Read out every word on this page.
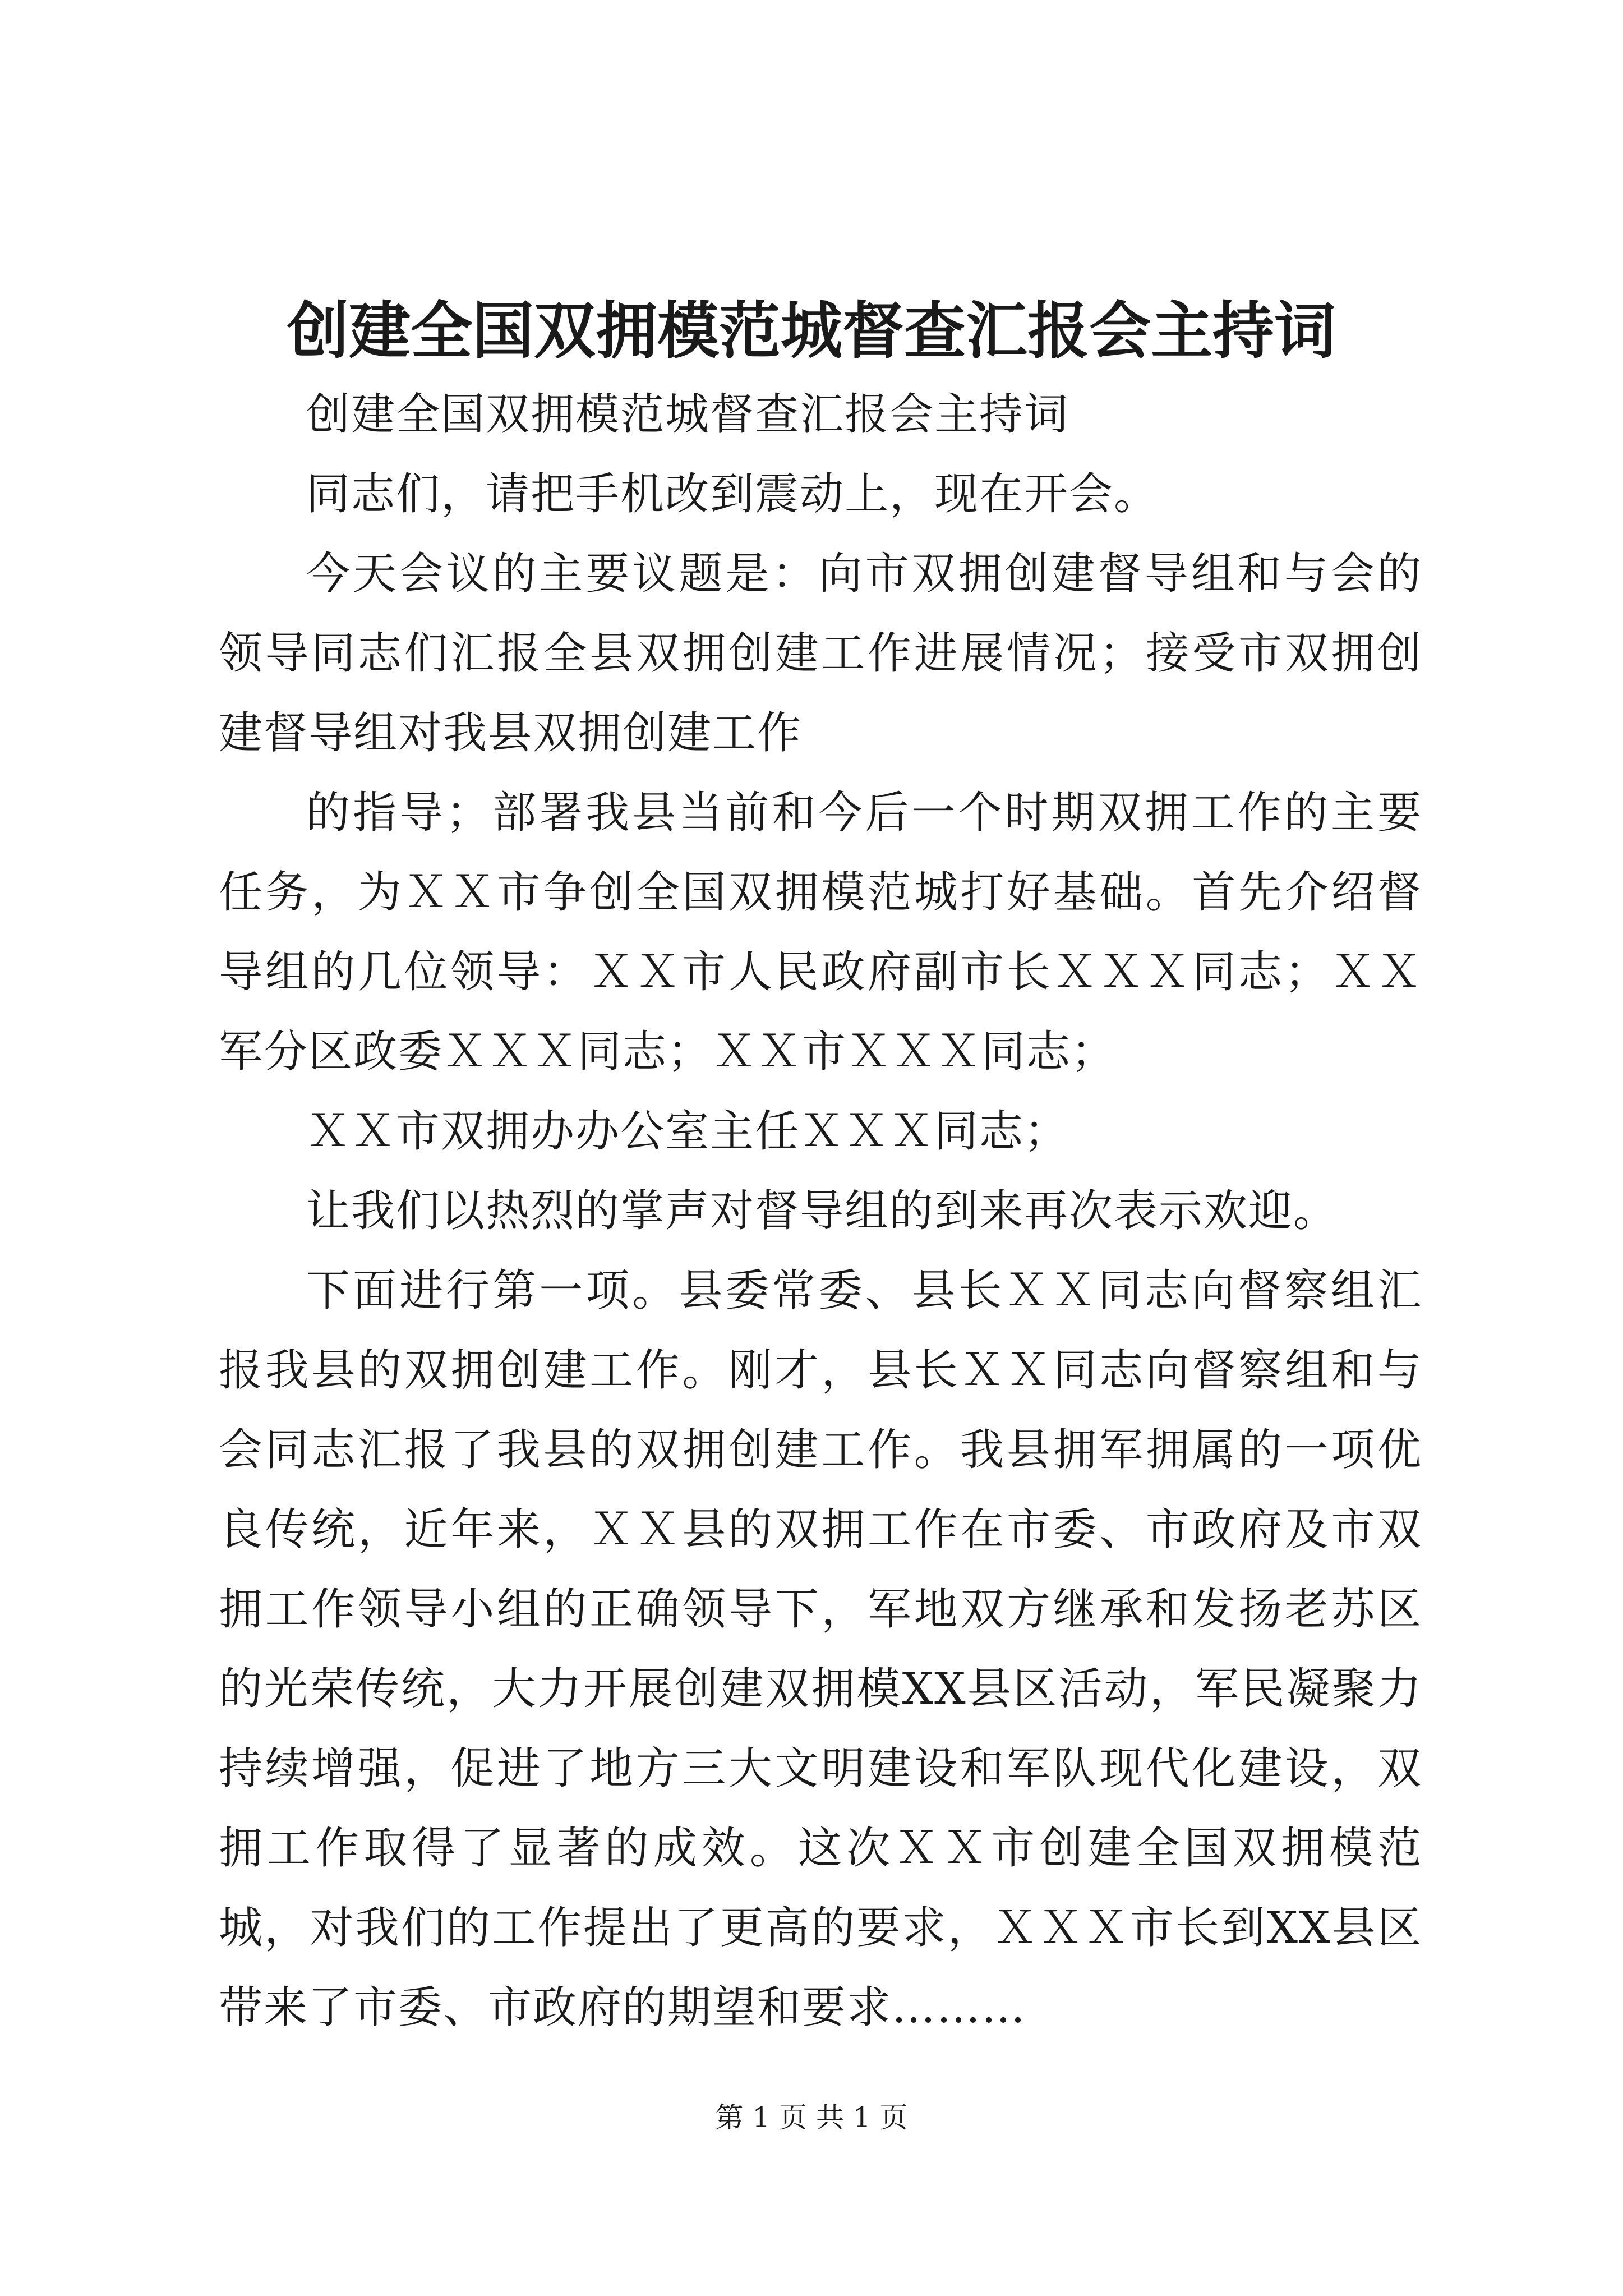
创建全国双拥模范城督查汇报会主持词

创建全国双拥模范城督查汇报会主持词

同志们，请把手机改到震动上，现在开会。

今天会议的主要议题是：向市双拥创建督导组和与会的领导同志们汇报全县双拥创建工作进展情况；接受市双拥创建督导组对我县双拥创建工作

的指导；部署我县当前和今后一个时期双拥工作的主要任务，为ＸＸ市争创全国双拥模范城打好基础。首先介绍督导组的几位领导：ＸＸ市人民政府副市长ＸＸＸ同志；ＸＸ军分区政委ＸＸＸ同志；ＸＸ市ＸＸＸ同志；

ＸＸ市双拥办办公室主任ＸＸＸ同志；

让我们以热烈的掌声对督导组的到来再次表示欢迎。

下面进行第一项。县委常委、县长ＸＸ同志向督察组汇报我县的双拥创建工作。刚才，县长ＸＸ同志向督察组和与会同志汇报了我县的双拥创建工作。我县拥军拥属的一项优良传统，近年来，ＸＸ县的双拥工作在市委、市政府及市双拥工作领导小组的正确领导下，军地双方继承和发扬老苏区的光荣传统，大力开展创建双拥模XX县区活动，军民凝聚力持续增强，促进了地方三大文明建设和军队现代化建设，双拥工作取得了显著的成效。这次ＸＸ市创建全国双拥模范城，对我们的工作提出了更高的要求，ＸＸＸ市长到XX县区带来了市委、市政府的期望和要求………

第 1 页 共 1 页
